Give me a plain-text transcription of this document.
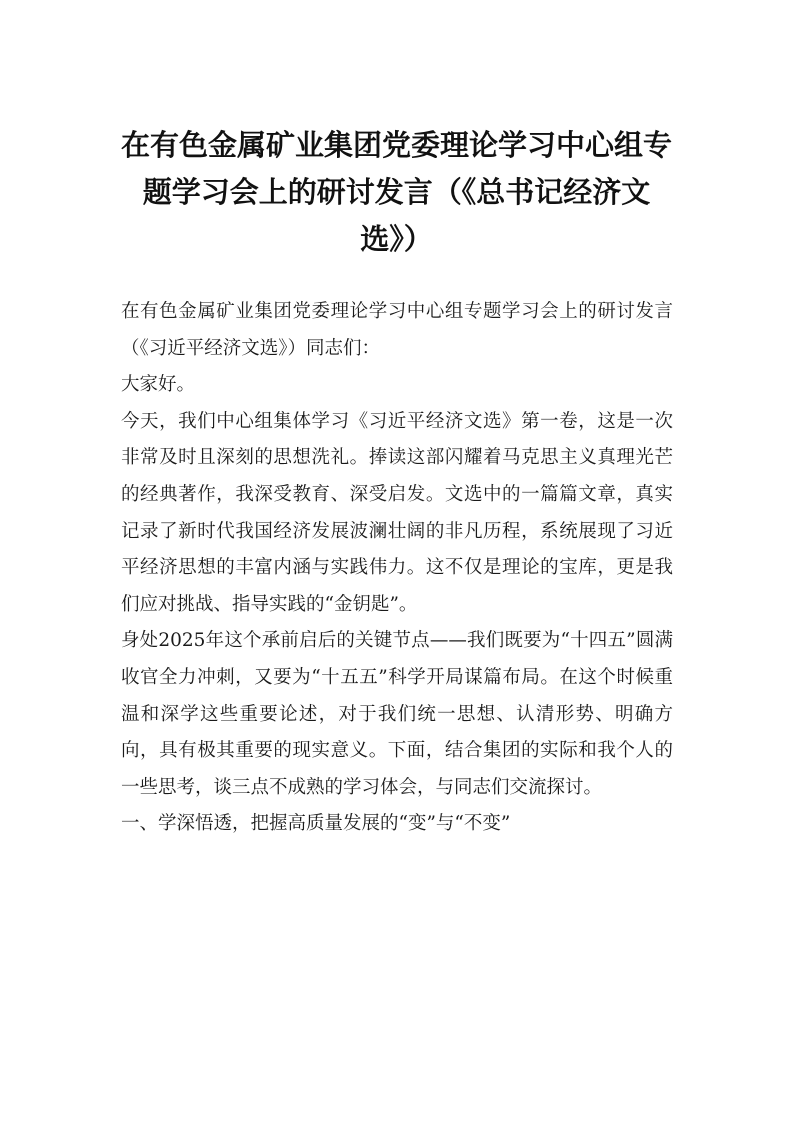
在有色金属矿业集团党委理论学习中心组专题学习会上的研讨发言（《总书记经济文选》）

在有色金属矿业集团党委理论学习中心组专题学习会上的研讨发言（《习近平经济文选》）同志们：

大家好。

今天，我们中心组集体学习《习近平经济文选》第一卷，这是一次非常及时且深刻的思想洗礼。捧读这部闪耀着马克思主义真理光芒的经典著作，我深受教育、深受启发。文选中的一篇篇文章，真实记录了新时代我国经济发展波澜壮阔的非凡历程，系统展现了习近平经济思想的丰富内涵与实践伟力。这不仅是理论的宝库，更是我们应对挑战、指导实践的“金钥匙”。

身处2025年这个承前启后的关键节点——我们既要为“十四五”圆满收官全力冲刺，又要为“十五五”科学开局谋篇布局。在这个时候重温和深学这些重要论述，对于我们统一思想、认清形势、明确方向，具有极其重要的现实意义。下面，结合集团的实际和我个人的一些思考，谈三点不成熟的学习体会，与同志们交流探讨。

一、学深悟透，把握高质量发展的“变”与“不变”
